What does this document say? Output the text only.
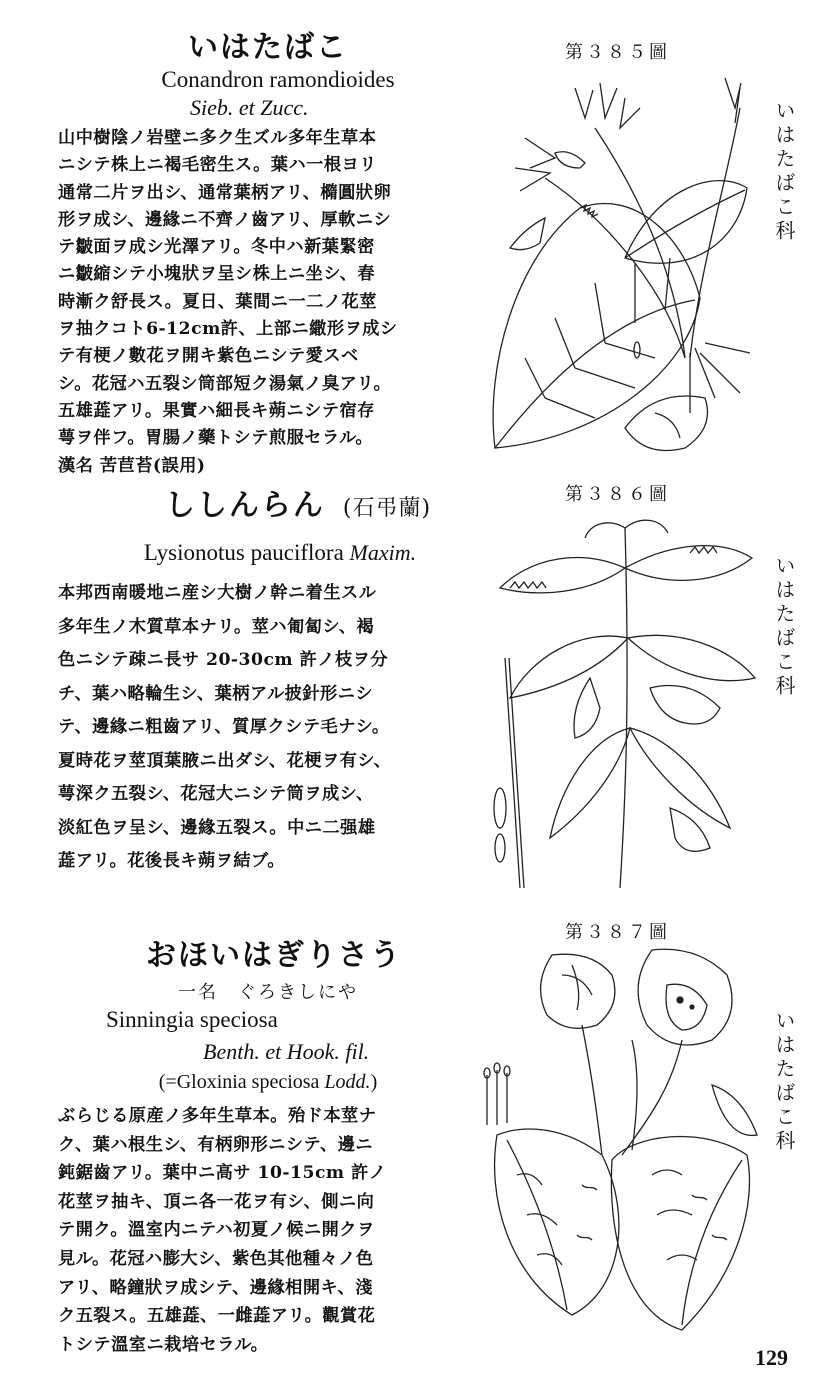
いはたばこ
Conandron ramondioides
Sieb. et Zucc.
山中樹陰ノ岩壁ニ多ク生ズル多年生草本
ニシテ株上ニ褐毛密生ス。葉ハ一根ヨリ
通常二片ヲ出シ、通常葉柄アリ、橢圓狀卵
形ヲ成シ、邊緣ニ不齊ノ齒アリ、厚軟ニシ
テ皺面ヲ成シ光澤アリ。冬中ハ新葉緊密
ニ皺縮シテ小塊狀ヲ呈シ株上ニ坐シ、春
時漸ク舒長ス。夏日、葉間ニ一二ノ花莖
ヲ抽クコト6-12cm許、上部ニ繖形ヲ成シ
テ有梗ノ數花ヲ開キ紫色ニシテ愛スベ
シ。花冠ハ五裂シ筒部短ク湯氣ノ臭アリ。
五雄蕋アリ。果實ハ細長キ蒴ニシテ宿存
萼ヲ伴フ。胃腸ノ藥トシテ煎服セラル。
漢名 苦苣苔(誤用)
第３８５圖
いはたばこ科
ししんらん (石弔蘭)
Lysionotus pauciflora Maxim.
本邦西南暖地ニ産シ大樹ノ幹ニ着生スル
多年生ノ木質草本ナリ。莖ハ匍匐シ、褐
色ニシテ疎ニ長サ 20-30cm 許ノ枝ヲ分
チ、葉ハ略輪生シ、葉柄アル披針形ニシ
テ、邊緣ニ粗齒アリ、質厚クシテ毛ナシ。
夏時花ヲ莖頂葉腋ニ出ダシ、花梗ヲ有シ、
萼深ク五裂シ、花冠大ニシテ筒ヲ成シ、
淡紅色ヲ呈シ、邊緣五裂ス。中ニ二强雄
蕋アリ。花後長キ蒴ヲ結ブ。
第３８６圖
いはたばこ科
おほいはぎりさう
一名　ぐろきしにや
Sinningia speciosa
Benth. et Hook. fil.
(=Gloxinia speciosa Lodd.)
ぶらじる原産ノ多年生草本。殆ド本莖ナ
ク、葉ハ根生シ、有柄卵形ニシテ、邊ニ
鈍鋸齒アリ。葉中ニ高サ 10-15cm 許ノ
花莖ヲ抽キ、頂ニ各一花ヲ有シ、側ニ向
テ開ク。溫室内ニテハ初夏ノ候ニ開クヲ
見ル。花冠ハ膨大シ、紫色其他種々ノ色
アリ、略鐘狀ヲ成シテ、邊緣相開キ、淺
ク五裂ス。五雄蕋、一雌蕋アリ。觀賞花
トシテ溫室ニ栽培セラル。
第３８７圖
いはたばこ科
129
